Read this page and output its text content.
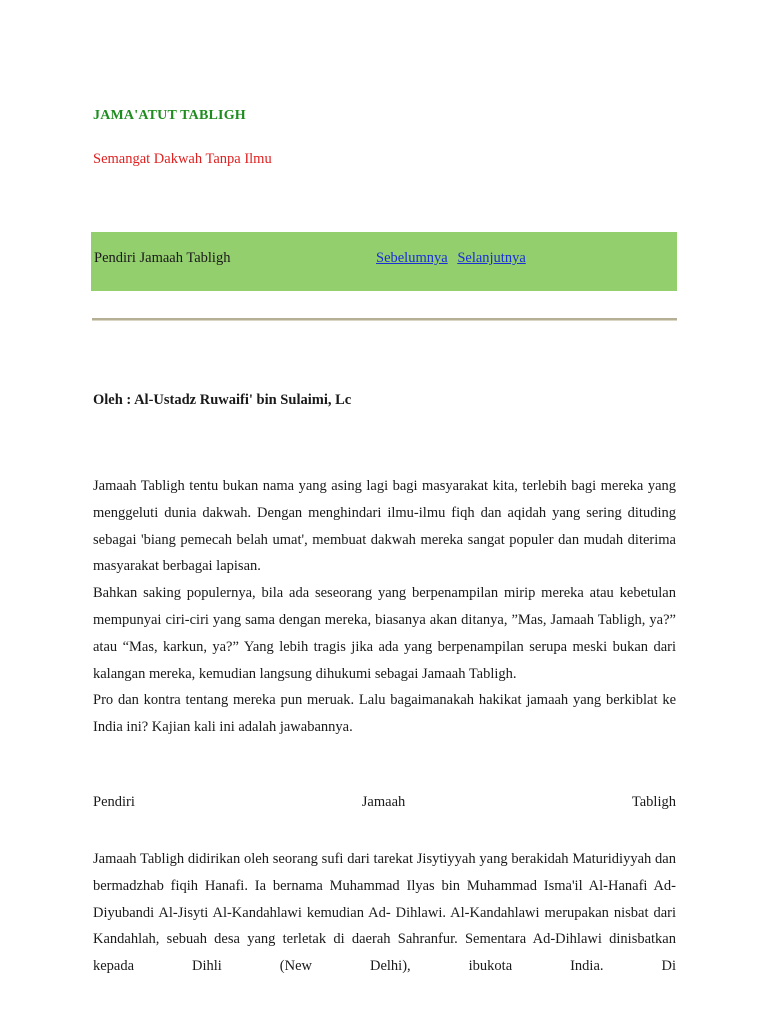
JAMA'ATUT TABLIGH

Semangat Dakwah Tanpa Ilmu

Pendiri Jamaah Tabligh	Sebelumnya Selanjutnya

Oleh : Al-Ustadz Ruwaifi' bin Sulaimi, Lc

Jamaah Tabligh tentu bukan nama yang asing lagi bagi masyarakat kita, terlebih bagi mereka yang menggeluti dunia dakwah. Dengan menghindari ilmu-ilmu fiqh dan aqidah yang sering dituding sebagai 'biang pemecah belah umat', membuat dakwah mereka sangat populer dan mudah diterima masyarakat berbagai lapisan.

Bahkan saking populernya, bila ada seseorang yang berpenampilan mirip mereka atau kebetulan mempunyai ciri-ciri yang sama dengan mereka, biasanya akan ditanya, ”Mas, Jamaah Tabligh, ya?” atau “Mas, karkun, ya?” Yang lebih tragis jika ada yang berpenampilan serupa meski bukan dari kalangan mereka, kemudian langsung dihukumi sebagai Jamaah Tabligh.

Pro dan kontra tentang mereka pun meruak. Lalu bagaimanakah hakikat jamaah yang berkiblat ke India ini? Kajian kali ini adalah jawabannya.

Pendiri Jamaah Tabligh

Jamaah Tabligh didirikan oleh seorang sufi dari tarekat Jisytiyyah yang berakidah Maturidiyyah dan bermadzhab fiqih Hanafi. Ia bernama Muhammad Ilyas bin Muhammad Isma'il Al-Hanafi Ad-Diyubandi Al-Jisyti Al-Kandahlawi kemudian Ad- Dihlawi. Al-Kandahlawi merupakan nisbat dari Kandahlah, sebuah desa yang terletak di daerah Sahranfur. Sementara Ad-Dihlawi dinisbatkan kepada Dihli (New Delhi), ibukota India. Di
